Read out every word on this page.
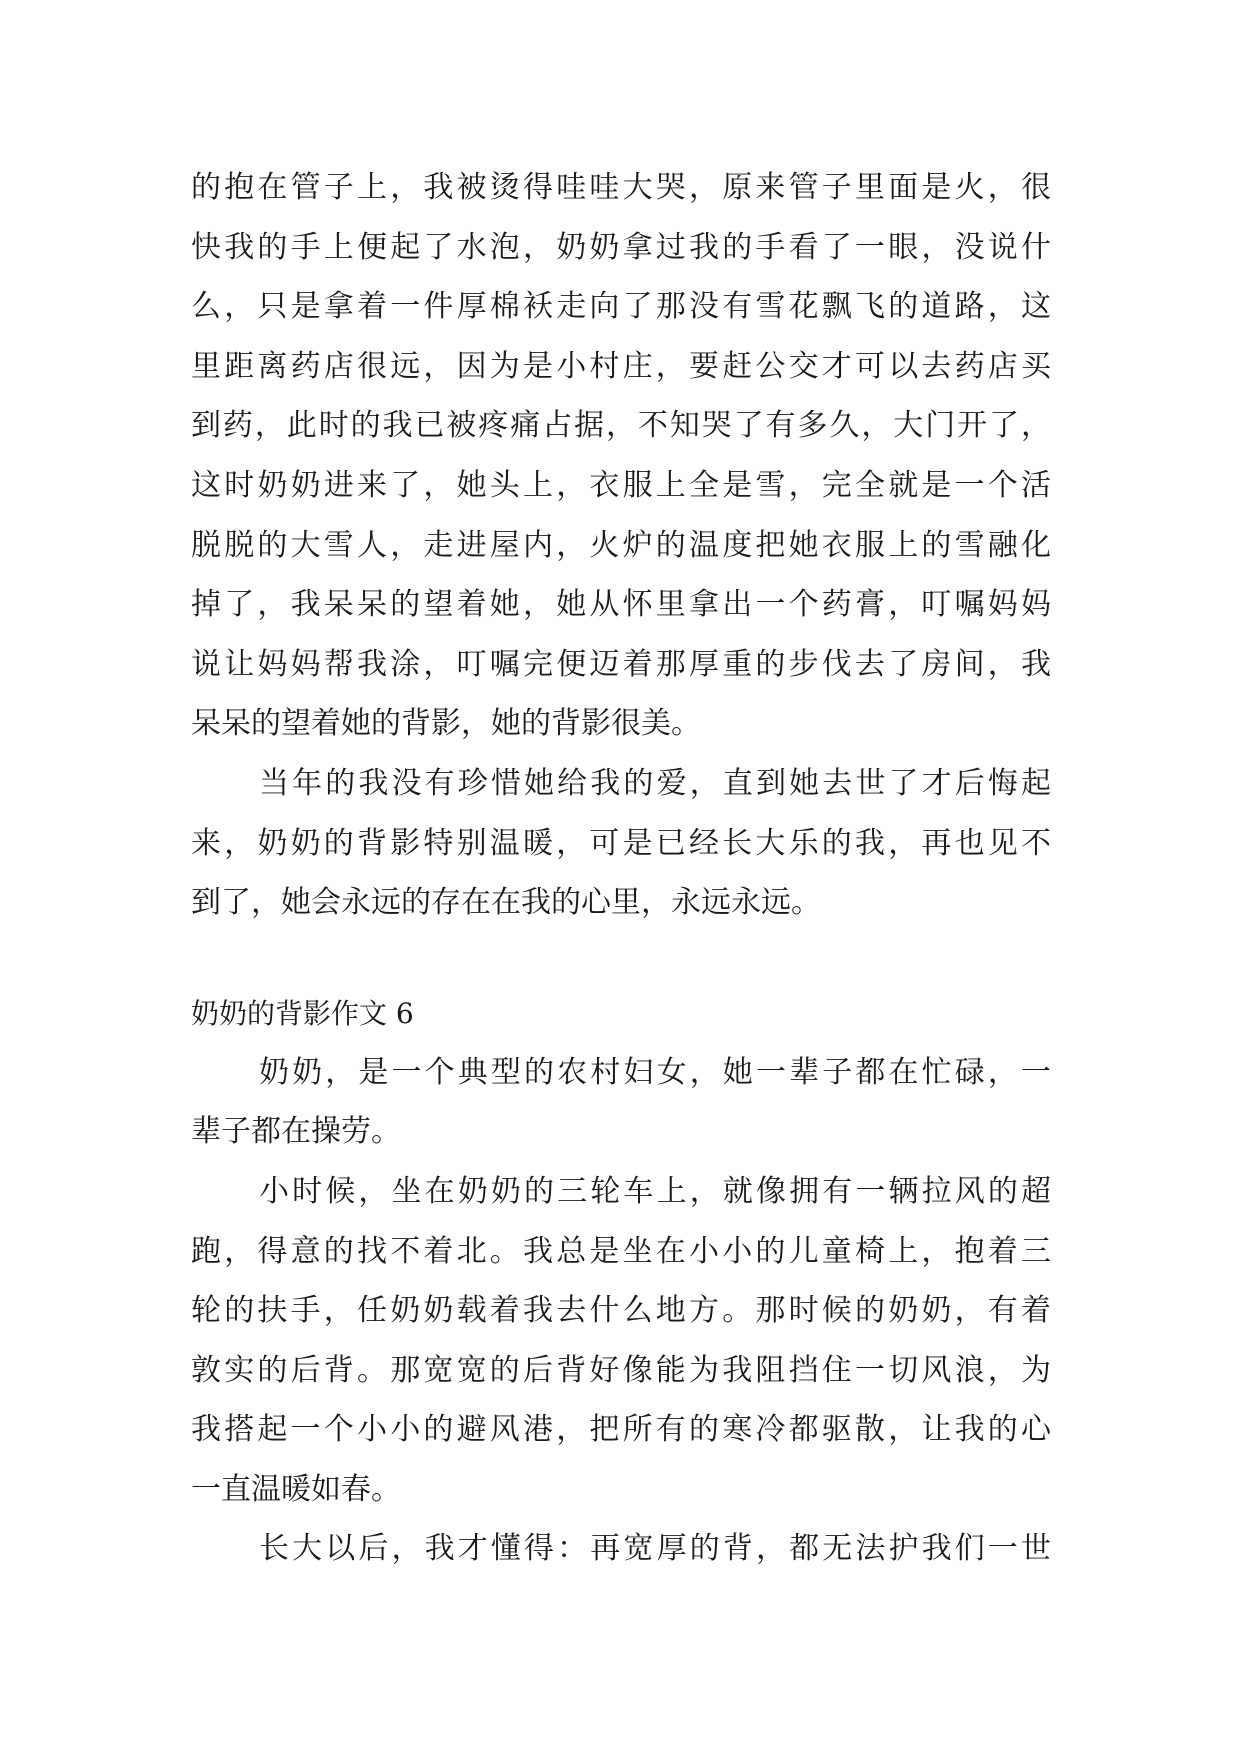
的抱在管子上，我被烫得哇哇大哭，原来管子里面是火，很
快我的手上便起了水泡，奶奶拿过我的手看了一眼，没说什
么，只是拿着一件厚棉袄走向了那没有雪花飘飞的道路，这
里距离药店很远，因为是小村庄，要赶公交才可以去药店买
到药，此时的我已被疼痛占据，不知哭了有多久，大门开了，
这时奶奶进来了，她头上，衣服上全是雪，完全就是一个活
脱脱的大雪人，走进屋内，火炉的温度把她衣服上的雪融化
掉了，我呆呆的望着她，她从怀里拿出一个药膏，叮嘱妈妈
说让妈妈帮我涂，叮嘱完便迈着那厚重的步伐去了房间，我
呆呆的望着她的背影，她的背影很美。
当年的我没有珍惜她给我的爱，直到她去世了才后悔起
来，奶奶的背影特别温暖，可是已经长大乐的我，再也见不
到了，她会永远的存在在我的心里，永远永远。
奶奶的背影作文 6
奶奶，是一个典型的农村妇女，她一辈子都在忙碌，一
辈子都在操劳。
小时候，坐在奶奶的三轮车上，就像拥有一辆拉风的超
跑，得意的找不着北。我总是坐在小小的儿童椅上，抱着三
轮的扶手，任奶奶载着我去什么地方。那时候的奶奶，有着
敦实的后背。那宽宽的后背好像能为我阻挡住一切风浪，为
我搭起一个小小的避风港，把所有的寒冷都驱散，让我的心
一直温暖如春。
长大以后，我才懂得：再宽厚的背，都无法护我们一世
